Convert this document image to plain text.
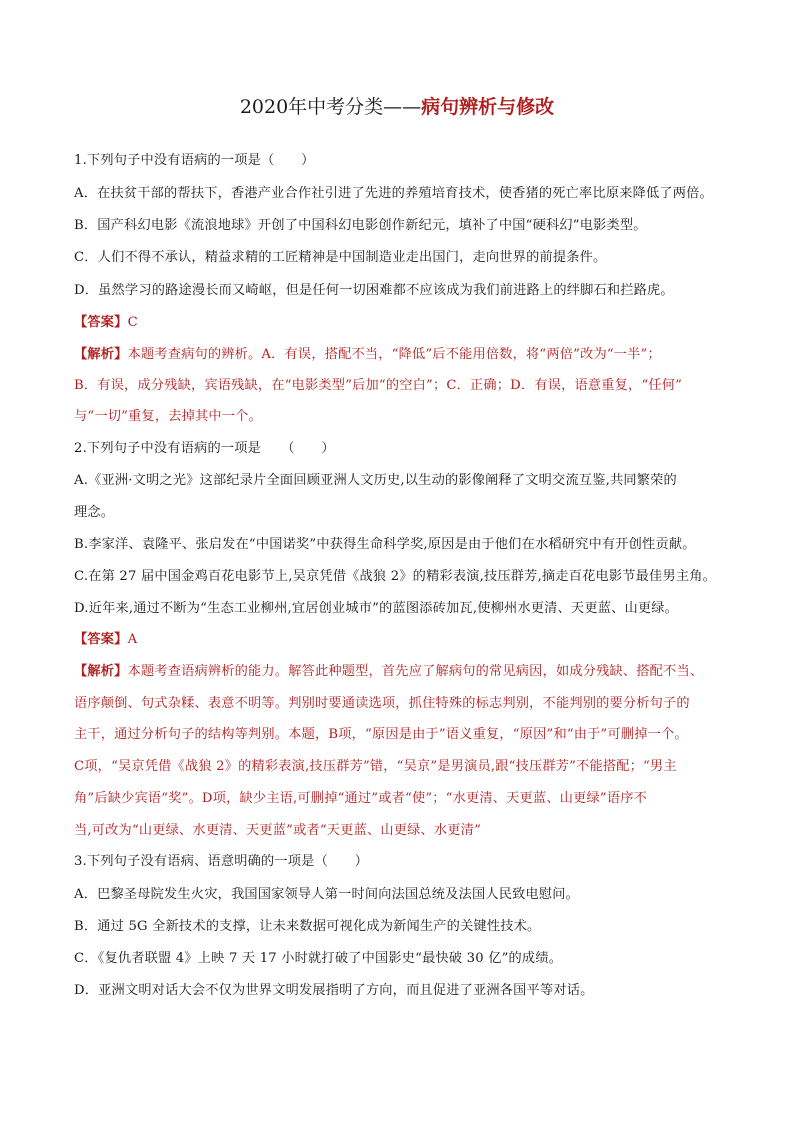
2020年中考分类——病句辨析与修改
1.下列句子中没有语病的一项是（　　）
A．在扶贫干部的帮扶下，香港产业合作社引进了先进的养殖培育技术，使香猪的死亡率比原来降低了两倍。
B．国产科幻电影《流浪地球》开创了中国科幻电影创作新纪元，填补了中国“硬科幻”电影类型。
C．人们不得不承认，精益求精的工匠精神是中国制造业走出国门，走向世界的前提条件。
D．虽然学习的路途漫长而又崎岖，但是任何一切困难都不应该成为我们前进路上的绊脚石和拦路虎。
【答案】C
【解析】本题考查病句的辨析。A．有误，搭配不当，“降低”后不能用倍数，将“两倍”改为“一半”；
B．有误，成分残缺，宾语残缺，在“电影类型”后加“的空白”；C．正确；D．有误，语意重复，“任何”
与“一切”重复，去掉其中一个。
2.下列句子中没有语病的一项是　　（　　）
A.《亚洲·文明之光》这部纪录片全面回顾亚洲人文历史,以生动的影像阐释了文明交流互鉴,共同繁荣的
理念。
B.李家洋、袁隆平、张启发在“中国诺奖”中获得生命科学奖,原因是由于他们在水稻研究中有开创性贡献。
C.在第 27 届中国金鸡百花电影节上,吴京凭借《战狼 2》的精彩表演,技压群芳,摘走百花电影节最佳男主角。
D.近年来,通过不断为“生态工业柳州,宜居创业城市”的蓝图添砖加瓦,使柳州水更清、天更蓝、山更绿。
【答案】A
【解析】本题考查语病辨析的能力。解答此种题型，首先应了解病句的常见病因，如成分残缺、搭配不当、
语序颠倒、句式杂糅、表意不明等。判别时要通读选项，抓住特殊的标志判别，不能判别的要分析句子的
主干，通过分析句子的结构等判别。本题，B项，“原因是由于”语义重复，“原因”和“由于”可删掉一个。
C项，“吴京凭借《战狼 2》的精彩表演,技压群芳”错，“吴京”是男演员,跟“技压群芳”不能搭配；“男主
角”后缺少宾语“奖”。D项，缺少主语,可删掉“通过”或者“使”；“水更清、天更蓝、山更绿”语序不
当,可改为“山更绿、水更清、天更蓝”或者“天更蓝、山更绿、水更清”
3.下列句子没有语病、语意明确的一项是（　　）
A．巴黎圣母院发生火灾，我国国家领导人第一时间向法国总统及法国人民致电慰问。
B．通过 5G 全新技术的支撑，让未来数据可视化成为新闻生产的关键性技术。
C．《复仇者联盟 4》上映 7 天 17 小时就打破了中国影史“最快破 30 亿”的成绩。
D．亚洲文明对话大会不仅为世界文明发展指明了方向，而且促进了亚洲各国平等对话。
